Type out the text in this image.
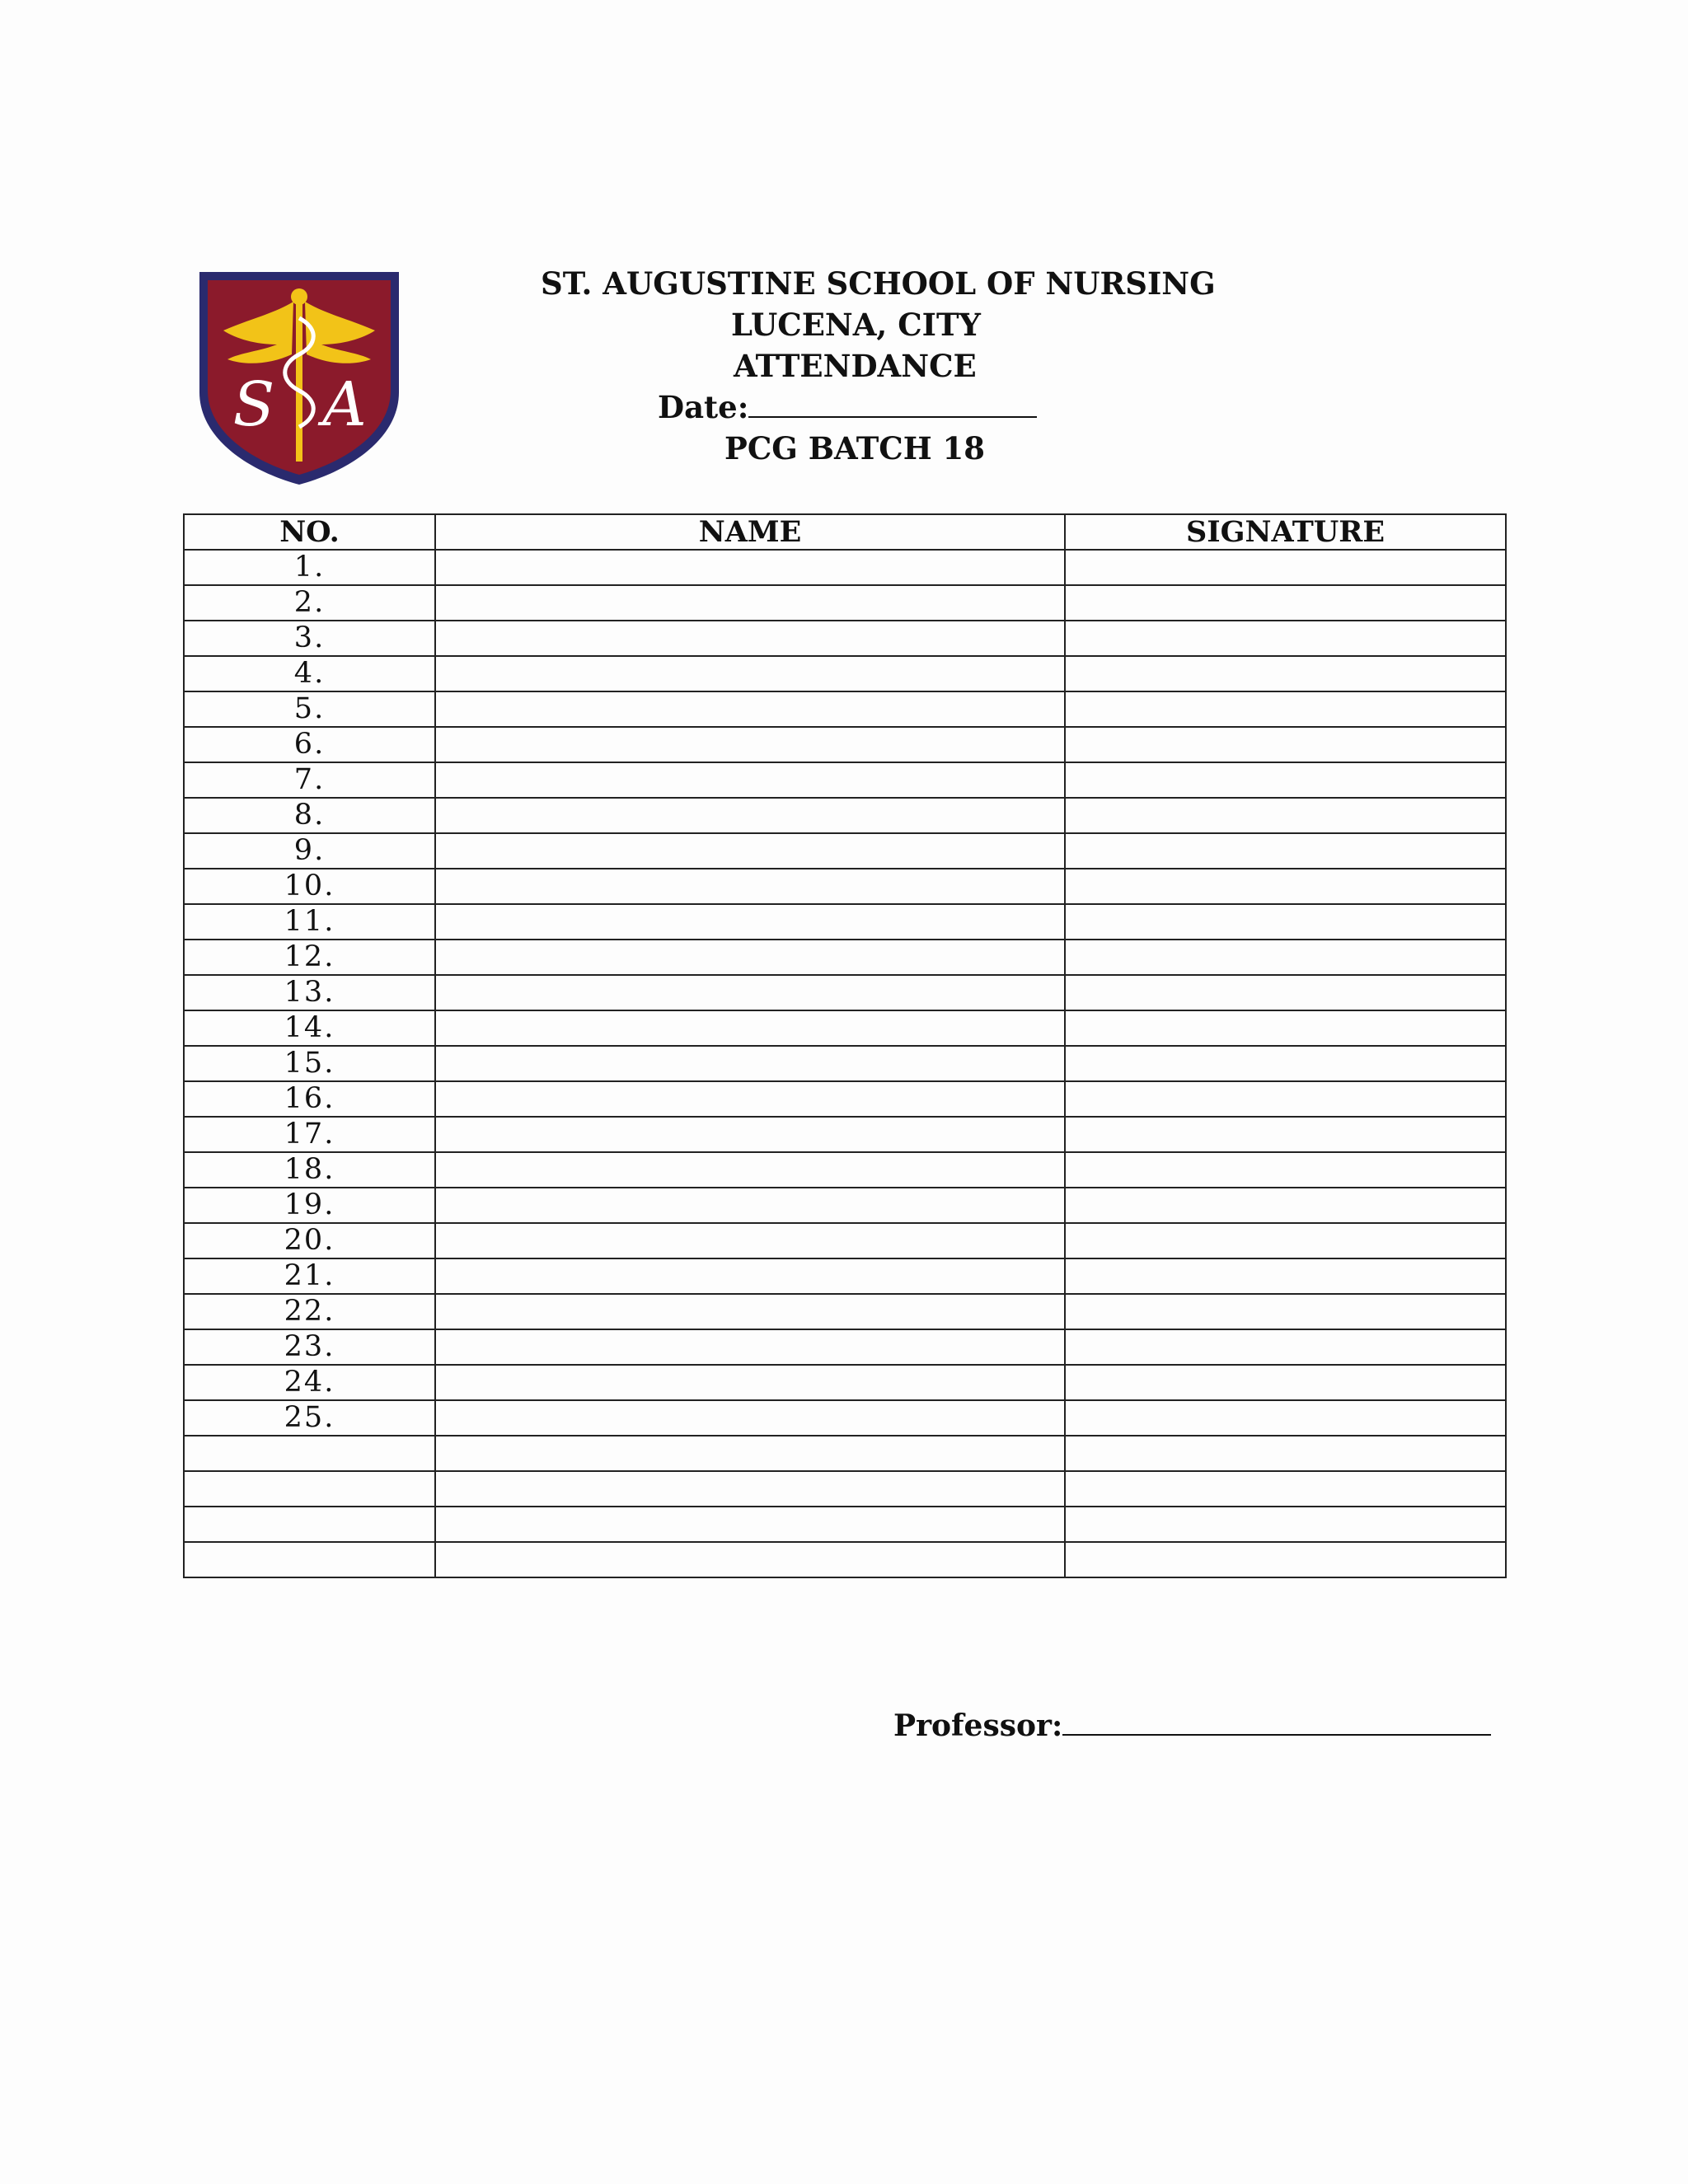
S A
ST. AUGUSTINE SCHOOL OF NURSING
LUCENA, CITY
ATTENDANCE
Date:
PCG BATCH 18
NO.	NAME	SIGNATURE
1.		
2.		
3.		
4.		
5.		
6.		
7.		
8.		
9.		
10.		
11.		
12.		
13.		
14.		
15.		
16.		
17.		
18.		
19.		
20.		
21.		
22.		
23.		
24.		
25.		

Professor:
